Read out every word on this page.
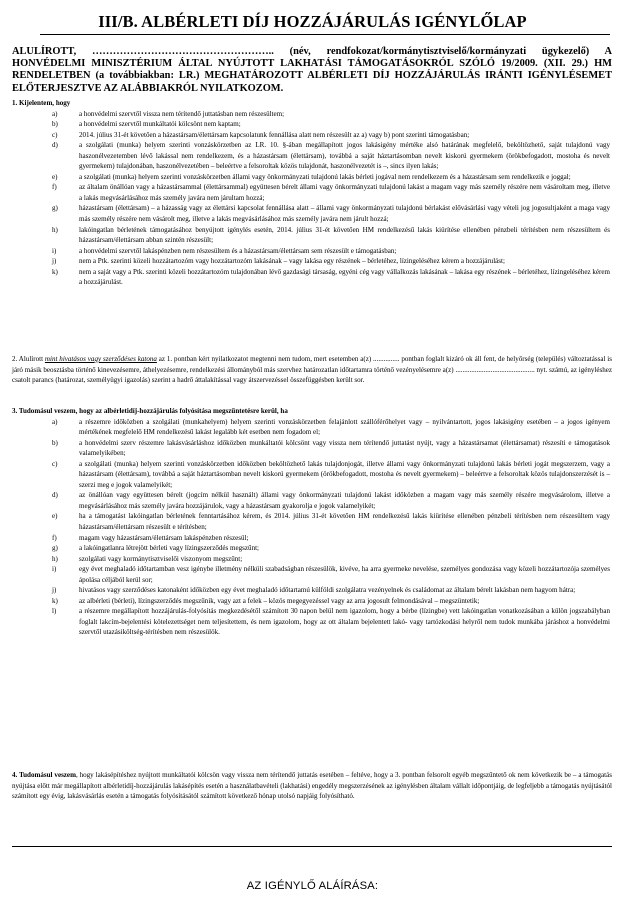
III/B. ALBÉRLETI DÍJ HOZZÁJÁRULÁS IGÉNYLŐLAP
ALULÍROTT, …………………………………………….. (név, rendfokozat/kormánytisztviselő/kormányzati ügykezelő) A HONVÉDELMI MINISZTÉRIUM ÁLTAL NYÚJTOTT LAKHATÁSI TÁMOGATÁSOKRÓL SZÓLÓ 19/2009. (XII. 29.) HM RENDELETBEN (a továbbiakban: LR.) MEGHATÁROZOTT ALBÉRLETI DÍJ HOZZÁJÁRULÁS IRÁNTI IGÉNYLÉSEMET ELŐTERJESZTVE AZ ALÁBBIAKRÓL NYILATKOZOM.

1. Kijelentem, hogy

a)	a honvédelmi szervtől vissza nem térítendő juttatásban nem részesültem;
b)	a honvédelmi szervtől munkáltatói kölcsönt nem kaptam;
c)	2014. július 31-ét követően a házastársam/élettársam kapcsolatunk fennállása alatt nem részesült az a) vagy b) pont szerinti támogatásban;
d)	a szolgálati (munka) helyem szerinti vonzáskörzetben az LR. 10. §-ában megállapított jogos lakásigény mértéke alsó határának megfelelő, beköltözhető, saját tulajdonú vagy haszonélvezetemben lévő lakással nem rendelkezem, és a házastársam (élettársam), továbbá a saját háztartásomban nevelt kiskorú gyermekem (örökbefogadott, mostoha és nevelt gyermekem) tulajdonában, haszonélvezetében – beleértve a felsoroltak közös tulajdonát, haszonélvezetét is –, sincs ilyen lakás;
e)	a szolgálati (munka) helyem szerinti vonzáskörzetben állami vagy önkormányzati tulajdonú lakás bérleti jogával nem rendelkezem és a házastársam sem rendelkezik e joggal;
f)	az általam önállóan vagy a házastársammal (élettársammal) együttesen bérelt állami vagy önkormányzati tulajdonú lakást a magam vagy más személy részére nem vásároltam meg, illetve a lakás megvásárlásához más személy javára nem járultam hozzá;
g)	házastársam (élettársam) – a házasság vagy az élettársi kapcsolat fennállása alatt – állami vagy önkormányzati tulajdonú bérlakást elővásárlási vagy vételi jog jogosultjaként a maga vagy más személy részére nem vásárolt meg, illetve a lakás megvásárlásához más személy javára nem járult hozzá;
h)	lakóingatlan bérletének támogatásához benyújtott igénylés esetén, 2014. július 31-ét követően HM rendelkezésű lakás kiürítése ellenében pénzbeli térítésben nem részesültem és házastársam/élettársam abban szintén részesült;
i)	a honvédelmi szervtől lakáspénzben nem részesültem és a házastársam/élettársam sem részesült e támogatásban;
j)	nem a Ptk. szerinti közeli hozzátartozóm vagy hozzátartozóm lakásának – vagy lakása egy részének – bérletéhez, lízingeléséhez kérem a hozzájárulást;
k)	nem a saját vagy a Ptk. szerinti közeli hozzátartozóm tulajdonában lévő gazdasági társaság, egyéni cég vagy vállalkozás lakásának – lakása egy részének – bérletéhez, lízingeléséhez kérem a hozzájárulást.

2. Alulírott mint hivatásos vagy szerződéses katona az 1. pontban kért nyilatkozatot megtenni nem tudom, mert esetemben a(z) ............... pontban foglalt kizáró ok áll fent, de helyőrség (település) változtatással is járó másik beosztásba történő kinevezésemre, áthelyezésemre, rendelkezési állományból más szervhez határozatlan időtartamra történő vezényelésemre a(z) ............................................. nyt. számú, az igényléshez csatolt parancs (határozat, személyügyi igazolás) szerint a hadrő áttalakítással vagy átszervezéssel összefüggésben került sor.

3. Tudomásul veszem, hogy az albérletidíj-hozzájárulás folyósítása megszűntetésre kerül, ha

a)	a részemre időközben a szolgálati (munkahelyem) helyem szerinti vonzáskörzetben felajánlott szállóférőhelyet vagy – nyilvántartott, jogos lakásigény esetében – a jogos igényem mértékének megfelelő HM rendelkezésű lakást legalább két esetben nem fogadom el;
b)	a honvédelmi szerv részemre lakásvásárláshoz időközben munkáltatói kölcsönt vagy vissza nem térítendő juttatást nyújt, vagy a házastársamat (élettársamat) részesíti e támogatások valamelyikében;
c)	a szolgálati (munka) helyem szerinti vonzáskörzetben időközben beköltözhető lakás tulajdonjogát, illetve állami vagy önkormányzati tulajdonú lakás bérleti jogát megszerzem, vagy a házastársam (élettársam), továbbá a saját háztartásomban nevelt kiskorú gyermekem (örökbefogadott, mostoha és nevelt gyermekem) – beleértve a felsoroltak közös tulajdonszerzését is – szerzi meg e jogok valamelyikét;
d)	az önállóan vagy együttesen bérelt (jogcím nélkül használt) állami vagy önkormányzati tulajdonú lakást időközben a magam vagy más személy részére megvásárolom, illetve a megvásárlásához más személy javára hozzájárulok, vagy a házastársam gyakorolja e jogok valamelyikét;
e)	ha a támogatást lakóingatlan bérletének fenntartásához kérem, és 2014. július 31-ét követően HM rendelkezésű lakás kiürítése ellenében pénzbeli térítésben nem részesültem vagy házastársam/élettársam részesült e térítésben;
f)	magam vagy házastársam/élettársam lakáspénzben részesül;
g)	a lakóingatlanra létrejött bérleti vagy lízingszerződés megszűnt;
h)	szolgálati vagy kormánytisztviselői viszonyom megszűnt;
i)	egy évet meghaladó időtartamban vesz igénybe illetmény nélküli szabadságban részesülök, kivéve, ha arra gyermeke nevelése, személyes gondozása vagy közeli hozzátartozója személyes ápolása céljából kerül sor;
j)	hivatásos vagy szerződéses katonaként időközben egy évet meghaladó időtartamú külföldi szolgálatra vezényelnek és családomat az általam bérelt lakásban nem hagyom hátra;
k)	az albérleti (bérleti), lízingszerződés megszűnik, vagy azt a felek – közös megegyezéssel vagy az arra jogosult felmondásával – megszüntetik;
l)	a részemre megállapított hozzájárulás-folyósítás megkezdésétől számított 30 napon belül nem igazolom, hogy a bérbe (lízingbe) vett lakóingatlan vonatkozásában a külön jogszabályban foglalt lakcím-bejelentési kötelezettséget nem teljesítettem, és nem igazolom, hogy az ott általam bejelentett lakó- vagy tartózkodási helyről nem tudok munkába járáshoz a honvédelmi szervtől utazásiköltség-térítésben nem részesülök.

4. Tudomásul veszem, hogy lakásépítéshez nyújtott munkáltatói kölcsön vagy vissza nem térítendő juttatás esetében – feltéve, hogy a 3. pontban felsorolt egyéb megszűntető ok nem következik be – a támogatás nyújtása előtt már megállapított albérletidíj-hozzájárulás lakásépítés esetén a használatbavételi (lakhatási) engedély megszerzésének az igénylésben általam vállalt időpontjáig, de legfeljebb a támogatás nyújtásától számított egy évig, lakásvásárlás esetén a támogatás folyósításától számított következő hónap utolsó napjáig folyósítható.

AZ IGÉNYLŐ ALÁÍRÁSA:
